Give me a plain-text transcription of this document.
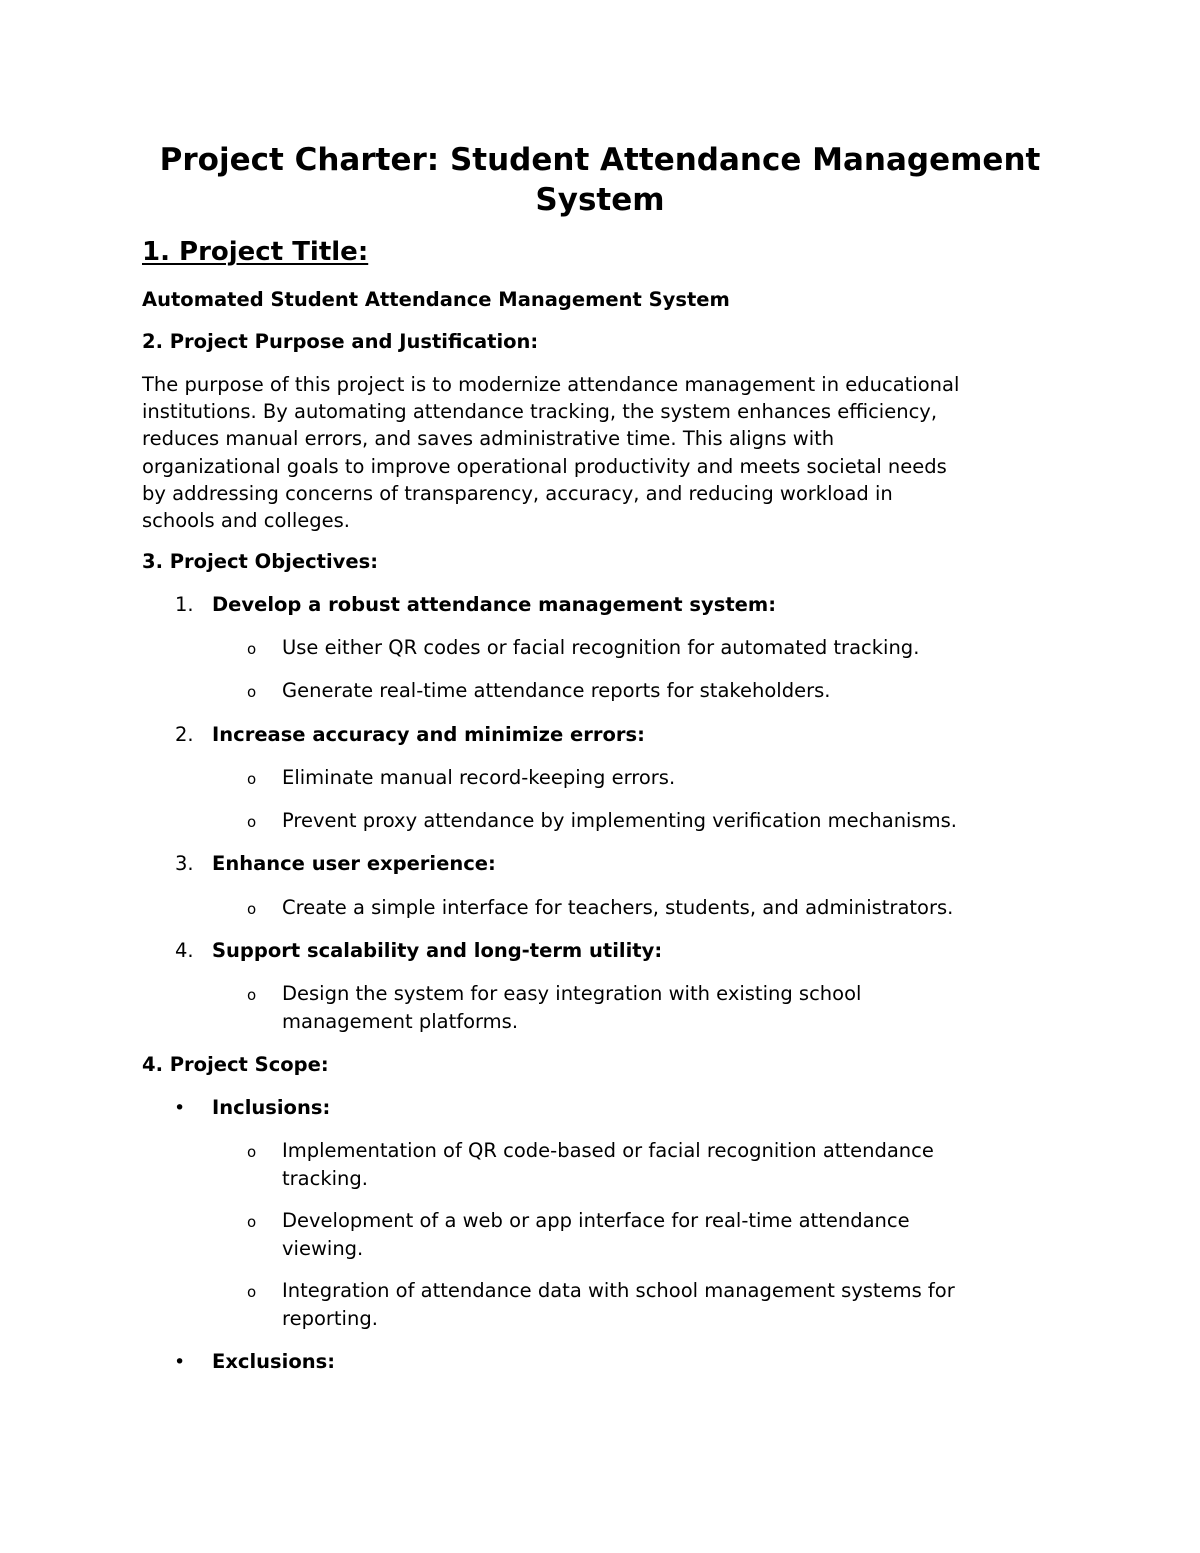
Project Charter: Student Attendance Management System
1. Project Title:

Automated Student Attendance Management System

2. Project Purpose and Justification:

The purpose of this project is to modernize attendance management in educational
institutions. By automating attendance tracking, the system enhances efficiency,
reduces manual errors, and saves administrative time. This aligns with
organizational goals to improve operational productivity and meets societal needs
by addressing concerns of transparency, accuracy, and reducing workload in
schools and colleges.

3. Project Objectives:

1. Develop a robust attendance management system:
o Use either QR codes or facial recognition for automated tracking.
o Generate real-time attendance reports for stakeholders.
2. Increase accuracy and minimize errors:
o Eliminate manual record-keeping errors.
o Prevent proxy attendance by implementing verification mechanisms.
3. Enhance user experience:
o Create a simple interface for teachers, students, and administrators.
4. Support scalability and long-term utility:
o Design the system for easy integration with existing school
management platforms.

4. Project Scope:

• Inclusions:
o Implementation of QR code-based or facial recognition attendance
tracking.
o Development of a web or app interface for real-time attendance
viewing.
o Integration of attendance data with school management systems for
reporting.
• Exclusions:
